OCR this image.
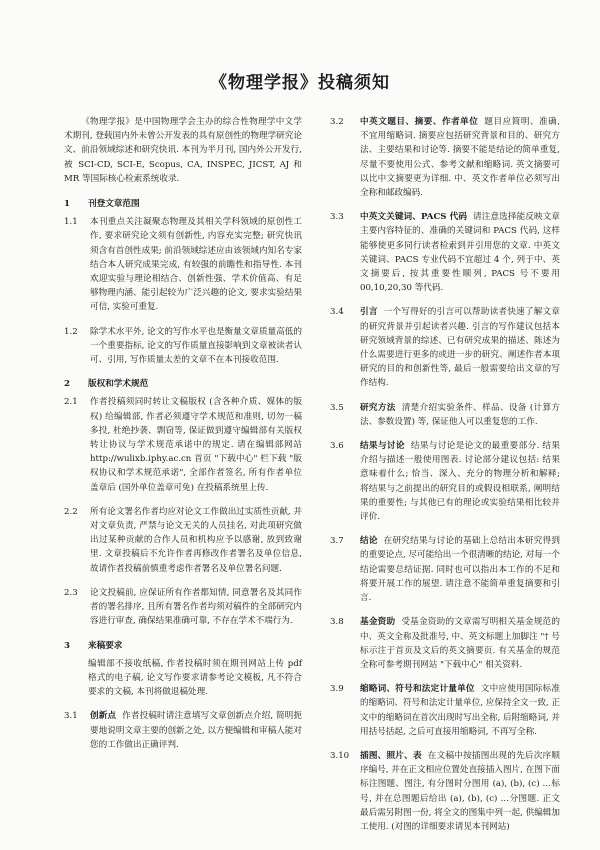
《物理学报》投稿须知
《物理学报》是中国物理学会主办的综合性物理学中文学术期刊, 登载国内外未曾公开发表的具有原创性的物理学研究论文、前沿领域综述和研究快讯. 本刊为半月刊, 国内外公开发行, 被 SCI-CD, SCI-E, Scopus, CA, INSPEC, JICST, AJ 和 MR 等国际核心检索系统收录.
1	刊登文章范围
1.1	本刊重点关注凝聚态物理及其相关学科领域的原创性工作, 要求研究论文须有创新性, 内容充实完整; 研究快讯须含有首创性成果; 前沿领域综述应由该领域内知名专家结合本人研究成果完成, 有较强的前瞻性和指导性. 本刊欢迎实验与理论相结合、创新性强、学术价值高、有足够物理内涵、能引起较为广泛兴趣的论文, 要求实验结果可信, 实验可重复.
1.2	除学术水平外, 论文的写作水平也是衡量文章质量高低的一个重要指标, 论文的写作质量直接影响到文章被读者认可、引用, 写作质量太差的文章不在本刊接收范围.
2	版权和学术规范
2.1	作者投稿须同时转让文稿版权 (含各种介质、媒体的版权) 给编辑部, 作者必须遵守学术规范和准则, 切勿一稿多投, 杜绝抄袭、剽窃等, 保证做到遵守编辑部有关版权转让协议与学术规范承诺中的规定. 请在编辑部网站 http://wulixb.iphy.ac.cn 首页 "下载中心" 栏下载 "版权协议和学术规范承诺", 全部作者签名, 所有作者单位盖章后 (国外单位盖章可免) 在投稿系统里上传.
2.2	所有论文署名作者均应对论文工作做出过实质性贡献, 并对文章负责, 严禁与论文无关的人员挂名, 对此项研究做出过某种贡献的合作人员和机构应予以感谢, 放到致谢里. 文章投稿后不允许作者再修改作者署名及单位信息, 故请作者投稿前慎重考虑作者署名及单位署名问题.
2.3	论文投稿前, 应保证所有作者都知情, 同意署名及其同作者的署名排序, 且所有署名作者均须对稿件的全部研究内容进行审查, 确保结果准确可靠, 不存在学术不端行为.
3	来稿要求
编辑部不接收纸稿, 作者投稿时须在期刊网站上传 pdf 格式的电子稿, 论文写作要求请参考论文模板, 凡不符合要求的文稿, 本刊将做退稿处理.
3.1	创新点 作者投稿时请注意填写文章创新点介绍, 简明扼要地说明文章主要的创新之处, 以方便编辑和审稿人能对您的工作做出正确评判.
3.2	中英文题目、摘要、作者单位 题目应简明、准确, 不宜用缩略词. 摘要应包括研究背景和目的、研究方法、主要结果和讨论等. 摘要不能是结论的简单重复, 尽量不要使用公式、参考文献和缩略词. 英文摘要可以比中文摘要更为详细. 中、英文作者单位必须写出全称和邮政编码.
3.3	中英文关键词、PACS 代码 请注意选择能反映文章主要内容特征的、准确的关键词和 PACS 代码, 这样能够使更多同行读者检索到并引用您的文章. 中英文关键词、PACS 专业代码不宜超过 4 个, 列于中、英文摘要后, 按其重要性顺列, PACS 号不要用 00,10,20,30 等代码.
3.4	引言 一个写得好的引言可以帮助读者快速了解文章的研究背景并引起读者兴趣. 引言的写作建议包括本研究领域背景的综述、已有研究成果的描述、陈述为什么需要进行更多的或进一步的研究、阐述作者本项研究的目的和创新性等, 最后一般需要给出文章的写作结构.
3.5	研究方法 清楚介绍实验条件、样品、设备 (计算方法、参数设置) 等, 保证他人可以重复您的工作.
3.6	结果与讨论 结果与讨论是论文的最重要部分. 结果介绍与描述一般使用图表. 讨论部分建议包括: 结果意味着什么; 恰当、深入、充分的物理分析和解释; 将结果与之前提出的研究目的或假设相联系, 阐明结果的重要性; 与其他已有的理论或实验结果相比较并评价.
3.7	结论 在研究结果与讨论的基础上总结出本研究得到的重要论点, 尽可能给出一个很清晰的结论, 对每一个结论需要总结证据. 同时也可以指出本工作的不足和将要开展工作的展望. 请注意不能简单重复摘要和引言.
3.8	基金资助 受基金资助的文章需写明相关基金规范的中、英文全称及批准号, 中、英文标题上加脚注 "† 号标示注于首页及文后的英文摘要页. 有关基金的规范全称可参考期刊网站 "下载中心" 相关资料.
3.9	缩略词、符号和法定计量单位 文中应使用国际标准的缩略词、符号和法定计量单位, 应保持全文一致, 正文中的缩略词在首次出现时写出全称, 后附缩略词, 并用括号括起, 之后可直接用缩略词, 不再写全称.
3.10	插图、照片、表 在文稿中按插图出现的先后次序顺序编号, 并在正文相应位置处直接插入图片, 在图下面标注图题、图注, 有分图时分图用 (a), (b), (c) …标号, 并在总图题后给出 (a), (b), (c) …分图题. 正文最后需另附图一份, 将全文的图集中列一起, 供编辑加工使用. (对图的详细要求请见本刊网站)
